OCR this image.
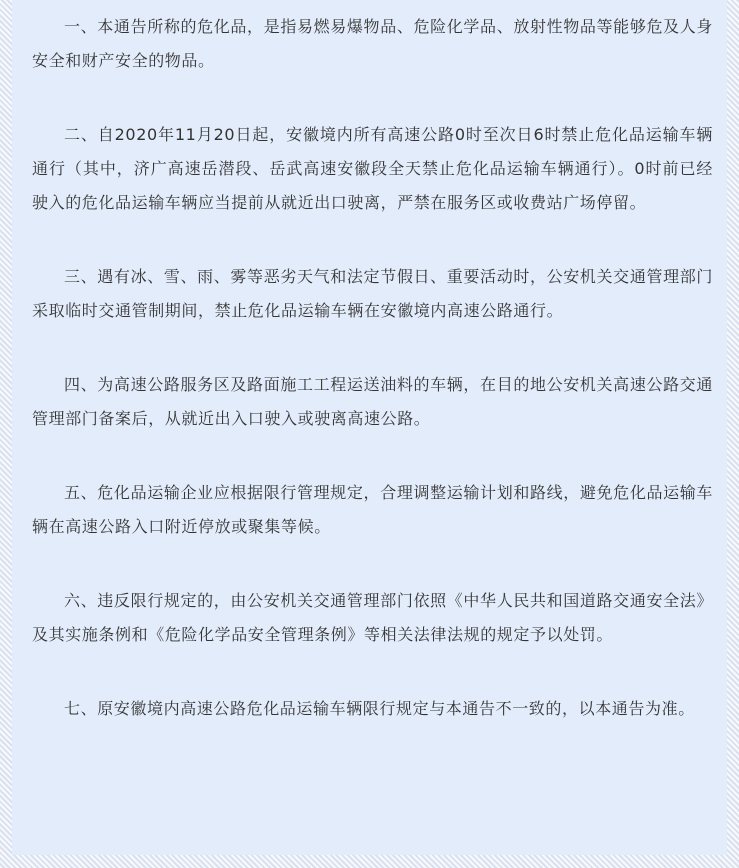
一、本通告所称的危化品，是指易燃易爆物品、危险化学品、放射性物品等能够危及人身安全和财产安全的物品。

二、自2020年11月20日起，安徽境内所有高速公路0时至次日6时禁止危化品运输车辆通行（其中，济广高速岳潜段、岳武高速安徽段全天禁止危化品运输车辆通行）。0时前已经驶入的危化品运输车辆应当提前从就近出口驶离，严禁在服务区或收费站广场停留。

三、遇有冰、雪、雨、雾等恶劣天气和法定节假日、重要活动时，公安机关交通管理部门采取临时交通管制期间，禁止危化品运输车辆在安徽境内高速公路通行。

四、为高速公路服务区及路面施工工程运送油料的车辆，在目的地公安机关高速公路交通管理部门备案后，从就近出入口驶入或驶离高速公路。

五、危化品运输企业应根据限行管理规定，合理调整运输计划和路线，避免危化品运输车辆在高速公路入口附近停放或聚集等候。

六、违反限行规定的，由公安机关交通管理部门依照《中华人民共和国道路交通安全法》及其实施条例和《危险化学品安全管理条例》等相关法律法规的规定予以处罚。

七、原安徽境内高速公路危化品运输车辆限行规定与本通告不一致的，以本通告为准。
